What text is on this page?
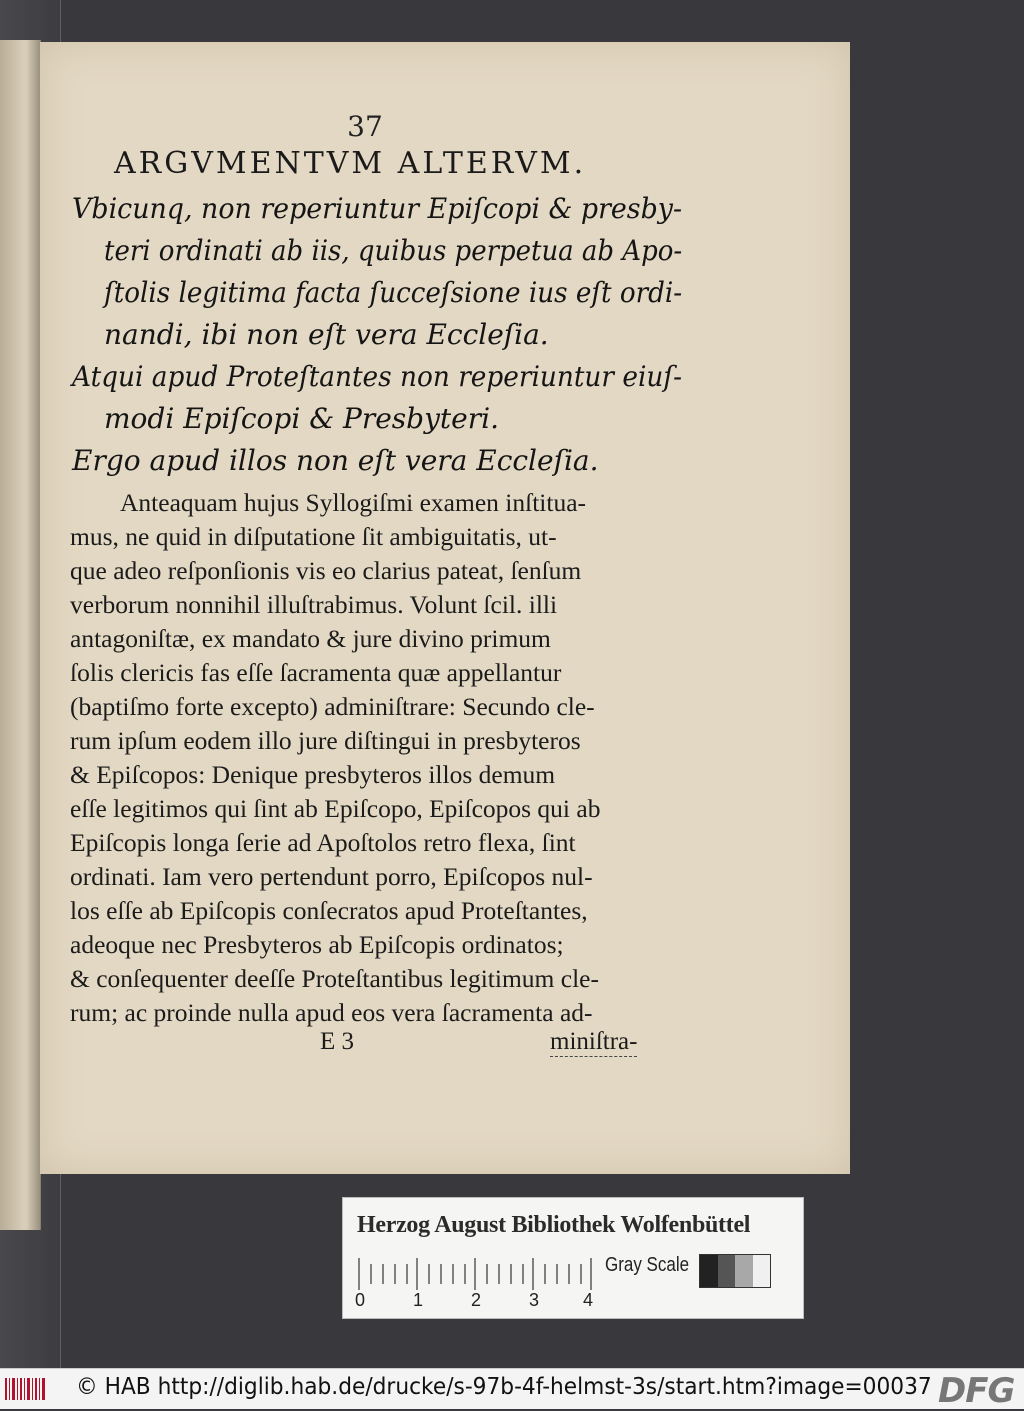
37
ARGVMENTVM ALTERVM.
Vbicunq, non reperiuntur Epiſcopi & presby-
teri ordinati ab iis, quibus perpetua ab Apo-
ſtolis legitima facta ſucceſsione ius eſt ordi-
nandi, ibi non eſt vera Eccleſia.
Atqui apud Proteſtantes non reperiuntur eiuſ-
modi Epiſcopi & Presbyteri.
Ergo apud illos non eſt vera Eccleſia.
Anteaquam hujus Syllogiſmi examen inſtitua-
mus, ne quid in diſputatione ſit ambiguitatis, ut-
que adeo reſponſionis vis eo clarius pateat, ſenſum
verborum nonnihil illuſtrabimus. Volunt ſcil. illi
antagoniſtæ, ex mandato & jure divino primum
ſolis clericis fas eſſe ſacramenta quæ appellantur
(baptiſmo forte excepto) adminiſtrare: Secundo cle-
rum ipſum eodem illo jure diſtingui in presbyteros
& Epiſcopos: Denique presbyteros illos demum
eſſe legitimos qui ſint ab Epiſcopo, Epiſcopos qui ab
Epiſcopis longa ſerie ad Apoſtolos retro flexa, ſint
ordinati. Iam vero pertendunt porro, Epiſcopos nul-
los eſſe ab Epiſcopis conſecratos apud Proteſtantes,
adeoque nec Presbyteros ab Epiſcopis ordinatos;
& conſequenter deeſſe Proteſtantibus legitimum cle-
rum; ac proinde nulla apud eos vera ſacramenta ad-
E 3	miniſtra-
Herzog August Bibliothek Wolfenbüttel
0	1	2	3 4
Gray Scale
© HAB http://diglib.hab.de/drucke/s-97b-4f-helmst-3s/start.htm?image=00037 DFG
